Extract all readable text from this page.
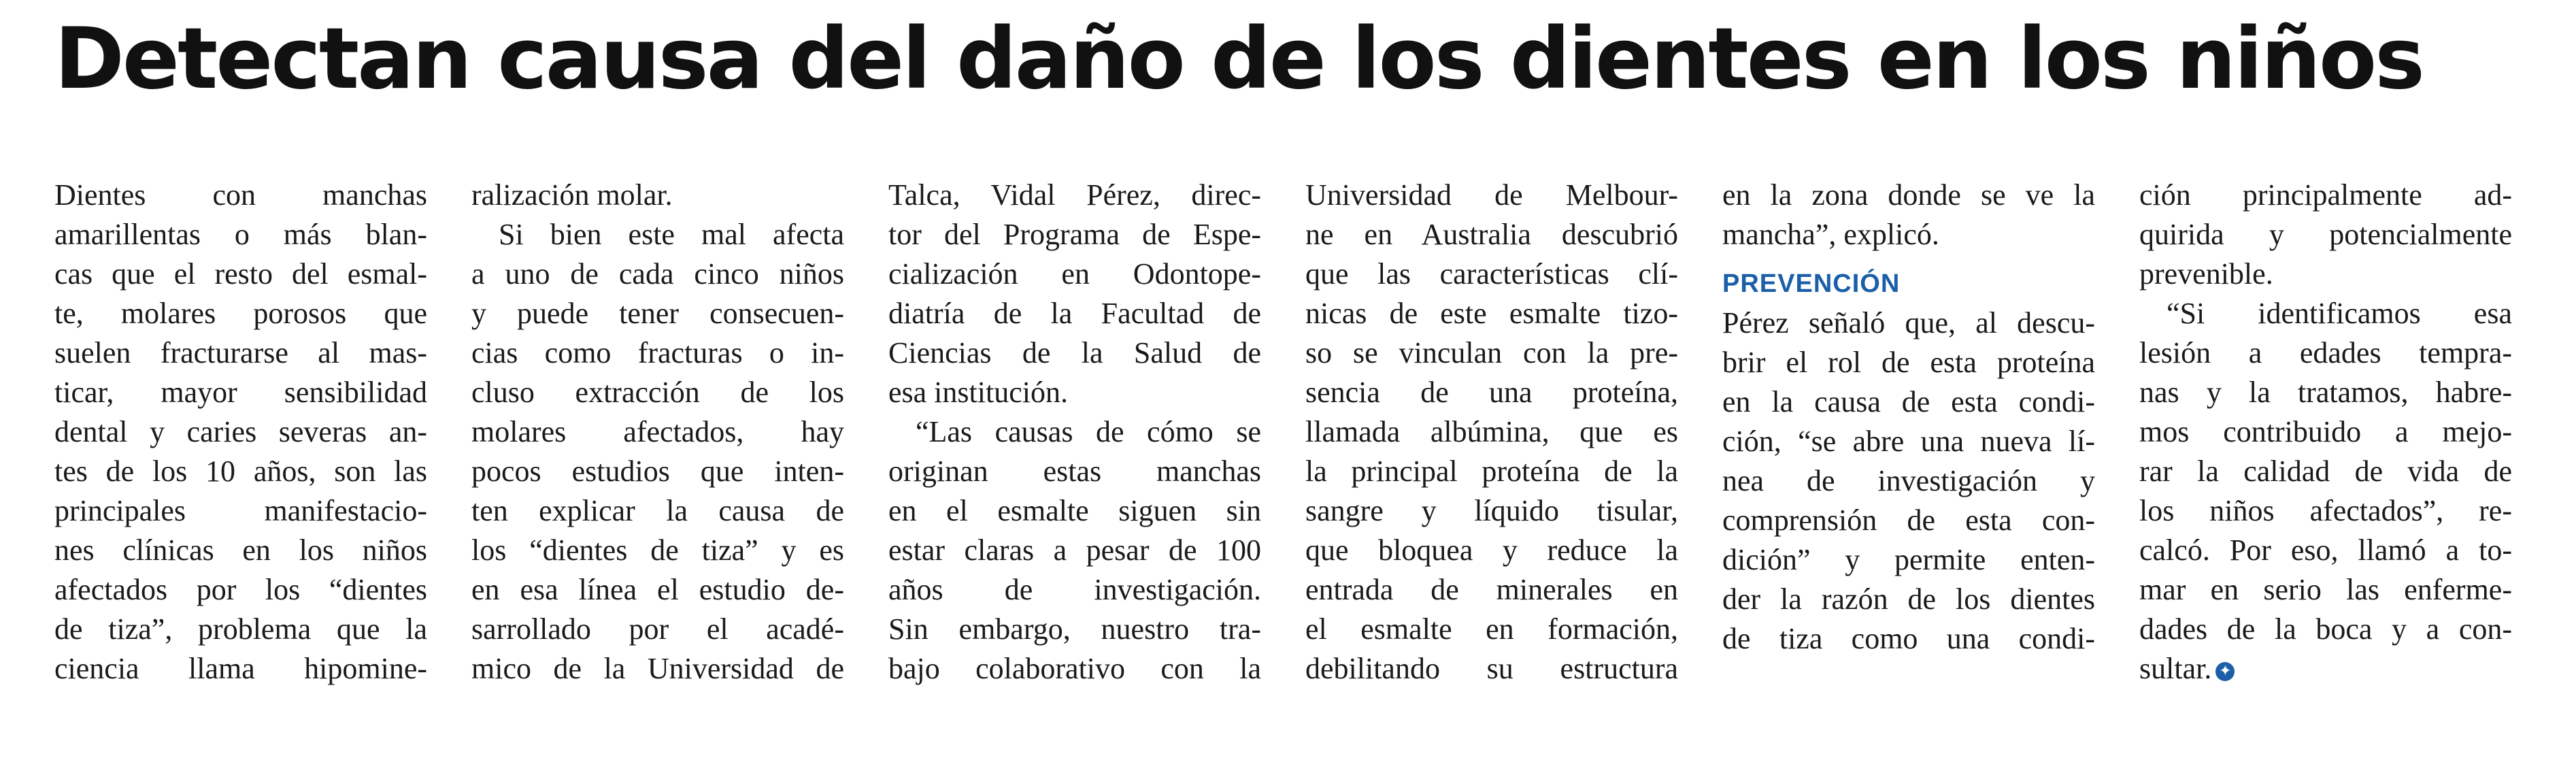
Detectan causa del daño de los dientes en los niños
Dientes con manchas
amarillentas o más blan-
cas que el resto del esmal-
te, molares porosos que
suelen fracturarse al mas-
ticar, mayor sensibilidad
dental y caries severas an-
tes de los 10 años, son las
principales manifestacio-
nes clínicas en los niños
afectados por los “dientes
de tiza”, problema que la
ciencia llama hipomine-
ralización molar.
Si bien este mal afecta
a uno de cada cinco niños
y puede tener consecuen-
cias como fracturas o in-
cluso extracción de los
molares afectados, hay
pocos estudios que inten-
ten explicar la causa de
los “dientes de tiza” y es
en esa línea el estudio de-
sarrollado por el acadé-
mico de la Universidad de
Talca, Vidal Pérez, direc-
tor del Programa de Espe-
cialización en Odontope-
diatría de la Facultad de
Ciencias de la Salud de
esa institución.
“Las causas de cómo se
originan estas manchas
en el esmalte siguen sin
estar claras a pesar de 100
años de investigación.
Sin embargo, nuestro tra-
bajo colaborativo con la
Universidad de Melbour-
ne en Australia descubrió
que las características clí-
nicas de este esmalte tizo-
so se vinculan con la pre-
sencia de una proteína,
llamada albúmina, que es
la principal proteína de la
sangre y líquido tisular,
que bloquea y reduce la
entrada de minerales en
el esmalte en formación,
debilitando su estructura
en la zona donde se ve la
mancha”, explicó.
PREVENCIÓN
Pérez señaló que, al descu-
brir el rol de esta proteína
en la causa de esta condi-
ción, “se abre una nueva lí-
nea de investigación y
comprensión de esta con-
dición” y permite enten-
der la razón de los dientes
de tiza como una condi-
ción principalmente ad-
quirida y potencialmente
prevenible.
“Si identificamos esa
lesión a edades tempra-
nas y la tratamos, habre-
mos contribuido a mejo-
rar la calidad de vida de
los niños afectados”, re-
calcó. Por eso, llamó a to-
mar en serio las enferme-
dades de la boca y a con-
sultar. ✦
